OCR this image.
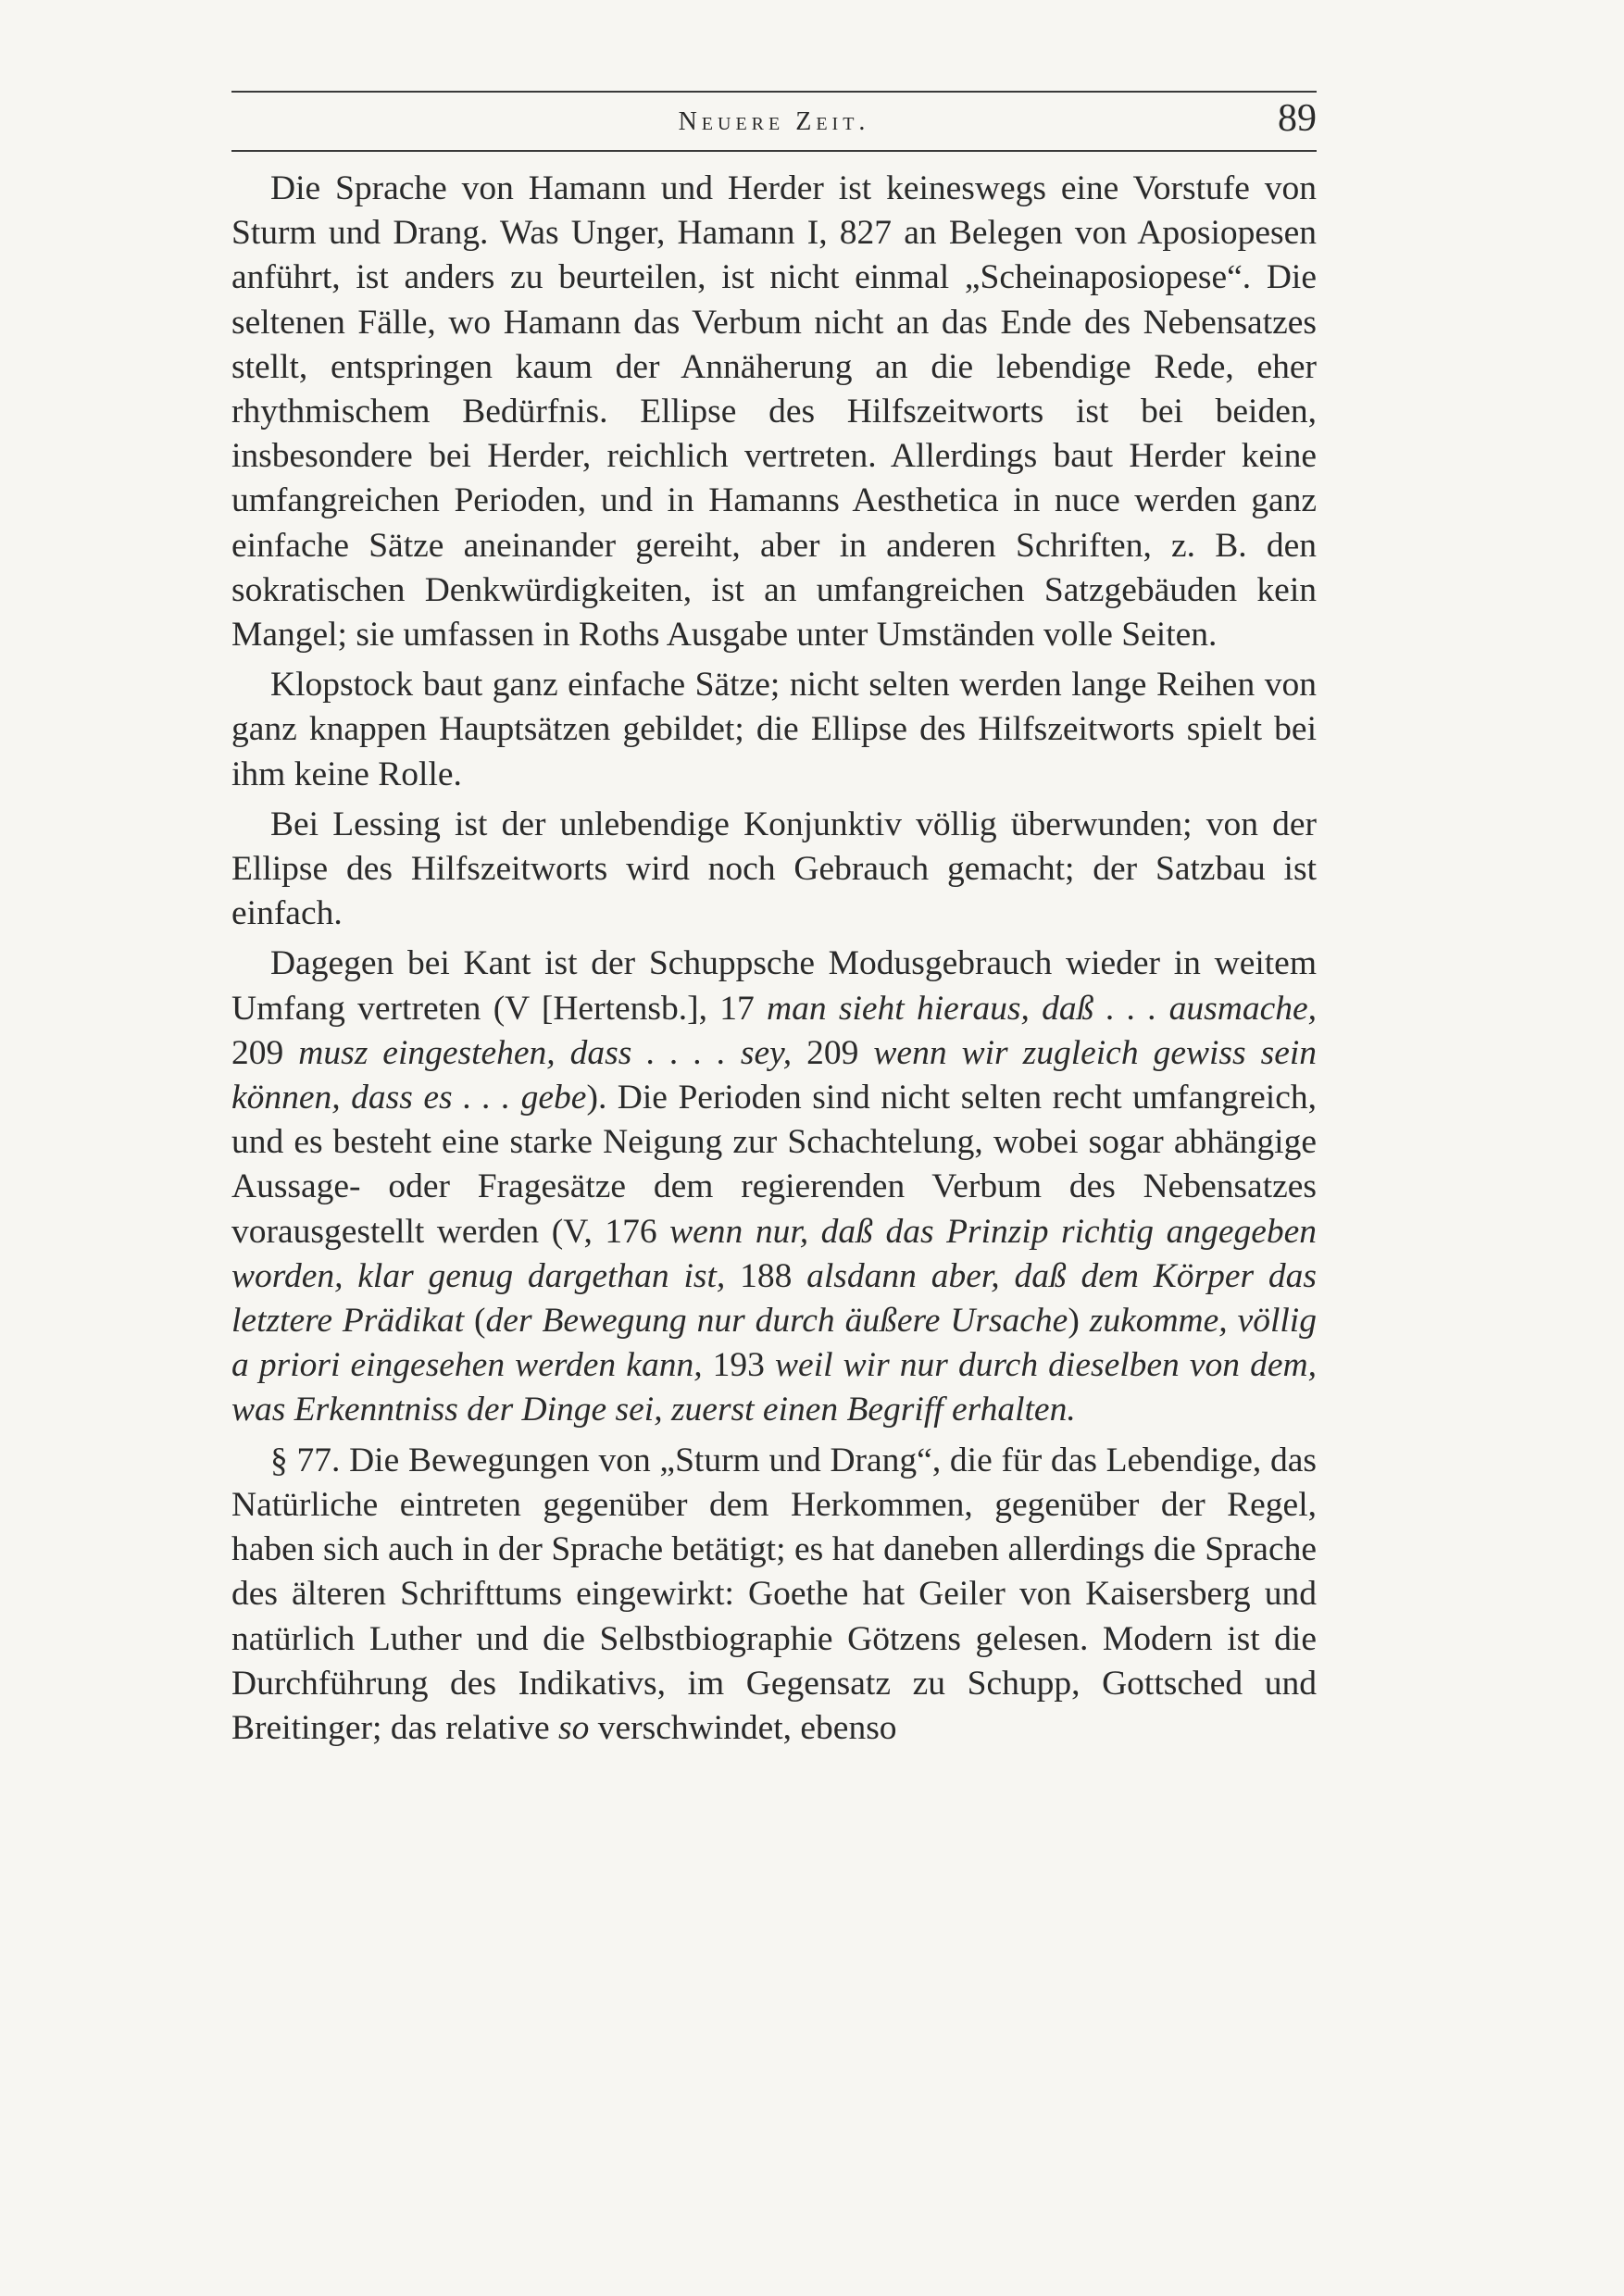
Neuere Zeit.	89

Die Sprache von Hamann und Herder ist keineswegs eine Vorstufe von Sturm und Drang. Was Unger, Hamann I, 827 an Belegen von Aposiopesen anführt, ist anders zu beurteilen, ist nicht einmal „Scheinaposiopese“. Die seltenen Fälle, wo Hamann das Verbum nicht an das Ende des Nebensatzes stellt, entspringen kaum der Annäherung an die lebendige Rede, eher rhythmischem Bedürfnis. Ellipse des Hilfszeitworts ist bei beiden, insbesondere bei Herder, reichlich vertreten. Allerdings baut Herder keine umfangreichen Perioden, und in Hamanns Aesthetica in nuce werden ganz einfache Sätze aneinander gereiht, aber in anderen Schriften, z. B. den sokratischen Denkwürdigkeiten, ist an umfangreichen Satzgebäuden kein Mangel; sie umfassen in Roths Ausgabe unter Umständen volle Seiten.

Klopstock baut ganz einfache Sätze; nicht selten werden lange Reihen von ganz knappen Hauptsätzen gebildet; die Ellipse des Hilfszeitworts spielt bei ihm keine Rolle.

Bei Lessing ist der unlebendige Konjunktiv völlig überwunden; von der Ellipse des Hilfszeitworts wird noch Gebrauch gemacht; der Satzbau ist einfach.

Dagegen bei Kant ist der Schuppsche Modusgebrauch wieder in weitem Umfang vertreten (V [Hertensb.], 17 man sieht hieraus, daß . . . ausmache, 209 musz eingestehen, dass . . . . sey, 209 wenn wir zugleich gewiss sein können, dass es . . . gebe). Die Perioden sind nicht selten recht umfangreich, und es besteht eine starke Neigung zur Schachtelung, wobei sogar abhängige Aussage- oder Fragesätze dem regierenden Verbum des Nebensatzes vorausgestellt werden (V, 176 wenn nur, daß das Prinzip richtig angegeben worden, klar genug dargethan ist, 188 alsdann aber, daß dem Körper das letztere Prädikat (der Bewegung nur durch äußere Ursache) zukomme, völlig a priori eingesehen werden kann, 193 weil wir nur durch dieselben von dem, was Erkenntniss der Dinge sei, zuerst einen Begriff erhalten.

§ 77. Die Bewegungen von „Sturm und Drang“, die für das Lebendige, das Natürliche eintreten gegenüber dem Herkommen, gegenüber der Regel, haben sich auch in der Sprache betätigt; es hat daneben allerdings die Sprache des älteren Schrifttums eingewirkt: Goethe hat Geiler von Kaisersberg und natürlich Luther und die Selbstbiographie Götzens gelesen. Modern ist die Durchführung des Indikativs, im Gegensatz zu Schupp, Gottsched und Breitinger; das relative so verschwindet, ebenso
